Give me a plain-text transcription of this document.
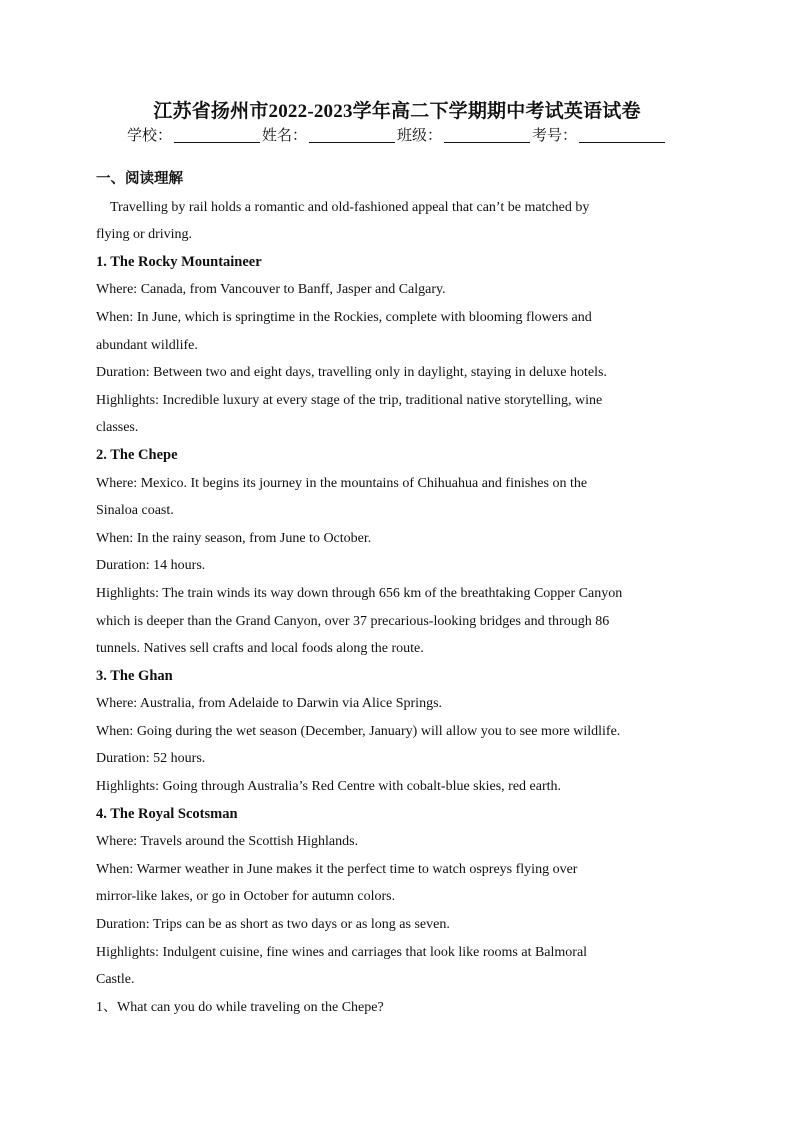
江苏省扬州市2022-2023学年高二下学期期中考试英语试卷
学校：	姓名：	班级：	考号：

一、阅读理解

Travelling by rail holds a romantic and old-fashioned appeal that can’t be matched by

flying or driving.

1. The Rocky Mountaineer

Where: Canada, from Vancouver to Banff, Jasper and Calgary.

When: In June, which is springtime in the Rockies, complete with blooming flowers and

abundant wildlife.

Duration: Between two and eight days, travelling only in daylight, staying in deluxe hotels.

Highlights: Incredible luxury at every stage of the trip, traditional native storytelling, wine

classes.

2. The Chepe

Where: Mexico. It begins its journey in the mountains of Chihuahua and finishes on the

Sinaloa coast.

When: In the rainy season, from June to October.

Duration: 14 hours.

Highlights: The train winds its way down through 656 km of the breathtaking Copper Canyon

which is deeper than the Grand Canyon, over 37 precarious-looking bridges and through 86

tunnels. Natives sell crafts and local foods along the route.

3. The Ghan

Where: Australia, from Adelaide to Darwin via Alice Springs.

When: Going during the wet season (December, January) will allow you to see more wildlife.

Duration: 52 hours.

Highlights: Going through Australia’s Red Centre with cobalt-blue skies, red earth.

4. The Royal Scotsman

Where: Travels around the Scottish Highlands.

When: Warmer weather in June makes it the perfect time to watch ospreys flying over

mirror-like lakes, or go in October for autumn colors.

Duration: Trips can be as short as two days or as long as seven.

Highlights: Indulgent cuisine, fine wines and carriages that look like rooms at Balmoral

Castle.

1、What can you do while traveling on the Chepe?
